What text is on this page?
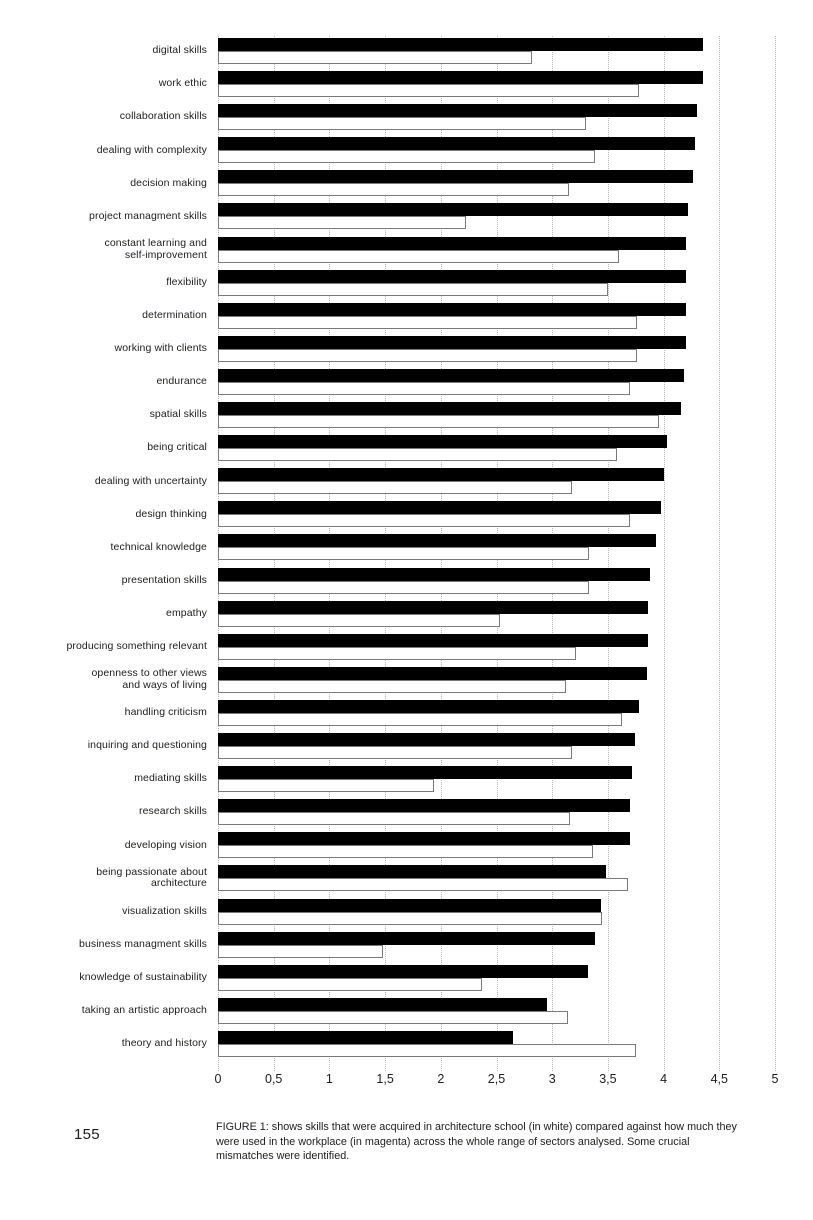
0	0,5	1	1,5	2	2,5	3	3,5	4	4,5	5
digital skills
work ethic
collaboration skills
dealing with complexity
decision making
project managment skills
constant learning and
self-improvement
flexibility
determination
working with clients
endurance
spatial skills
being critical
dealing with uncertainty
design thinking
technical knowledge
presentation skills
empathy
producing something relevant
openness to other views
and ways of living
handling criticism
inquiring and questioning
mediating skills
research skills
developing vision
being passionate about
architecture
visualization skills
business managment skills
knowledge of sustainability
taking an artistic approach
theory and history
155	FIGURE 1: shows skills that were acquired in architecture school (in white) compared against how much they were used in the workplace (in magenta) across the whole range of sectors analysed. Some crucial mismatches were identified.
